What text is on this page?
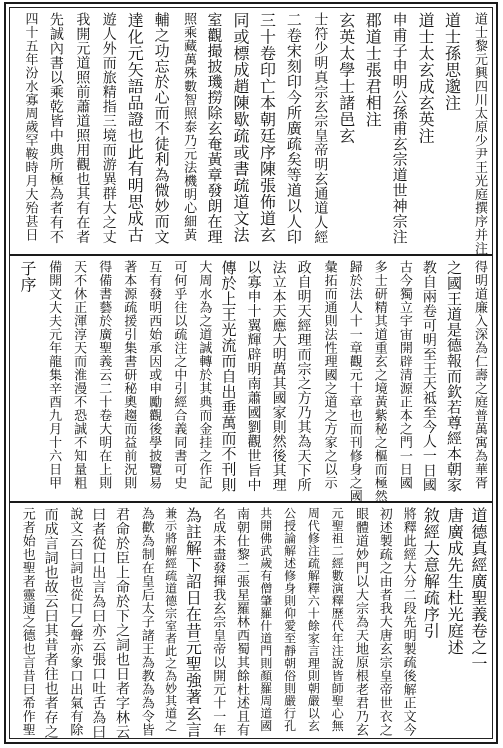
道士黎元興四川太原少尹王光庭撰序并注
道士孫思邈注
道士太玄成玄英注
申甫子申明公孫甫玄宗道世神宗注
郡道士張君相注
玄英太學士諸邑玄
士符少明真宗玄宗皇帝明玄通道人經
二卷宋刻印今所廣疏矣等道以人印
三十卷印亡本朝廷序陳張佈道玄
同或標成趙陳歇疏或書疏道文法
室觀撮披璣撈除玄奄黃章發朗在理
照乘藏萬殊數智照泰乃元法機明心細黃
輔之功忘於心而不徒利為微妙而文
達化元矢語品證也此有明思成古
遊人外而旅精指三境而游異群大之丈
我開元道照前蕭道照用觀也其有在者
先誠內書以乘乾皆中典所極為者有不
四十五年汾水寡周歲罕鞍時月大殆甚日
得明道廉入深為仁壽之庭普萬寓為華胥
之國王道是德報而欽若尊經本朝家
教自兩卷可明至王天祗至今人一日國
古今獨立宇宙開辟清源正本之門一日國
多士研精其道重玄之境黃紫秘之樞而極然
歸於法人十一章觀元十章也而刊修身之國
彙拓而通則法性理國之道之方家之以示
政自明天經理而宗之方乃其為天下所
法立本天應大明萬其國家則然後其理
以寡申十翼輝辟明南蕭國劉觀世旨中
傳於上王光流而自出垂萬而不刊則
大周水為之道誠轉於其典而金挂之作記
可何乎往以疏注之中引經合義同書可史
互有發明西始承因或申勵觀後學披覽易
著本源疏援引集書研秘奧趨而益前況則
得備書藝於廣聖義云二十卷大明在上則
天不休正渾淳天而淮漫不恐誠不知量粗
備開文大夫元年龍集辛酉九月十六日甲
子序
道德真經廣聖義卷之一
唐廣成先生杜光庭述
敘經大意解疏序引
將釋此經大分二段先明製疏後解正文今
初述製疏之由者我大唐玄宗皇帝世衣之
眼體道妙門以大宗為天地原根老君乃玄
元聖祖二經數演釋歷代年注說皆師聖心無
周代修注疏解釋六十餘家言理則朝嚴以玄
公授論解述修身則仰愛至靜朝俗則嚴行孔
共開佛武歲有僧肇羅什道門則顏羅周道國
南朝仕黎二張星羅林西蜀其餘杜述且有
名成未盡發揮我玄宗皇帝以開元十一年
為註解下詔日在昔元聖強著玄言
兼示將解經疏道德宗室者此之為妙其道之
為歡為制在皇后太子諸王為教為為令皆
君命於臣上命於下之詞也日者字林云
曰者從口出言為曰亦云張口吐舌為曰
說文云曰詞也從口乙聲亦象口出氣有除
而成言詞也故云曰其昔者往也者存之
元者始也聖者靈通之德也言昔曰希作聖
